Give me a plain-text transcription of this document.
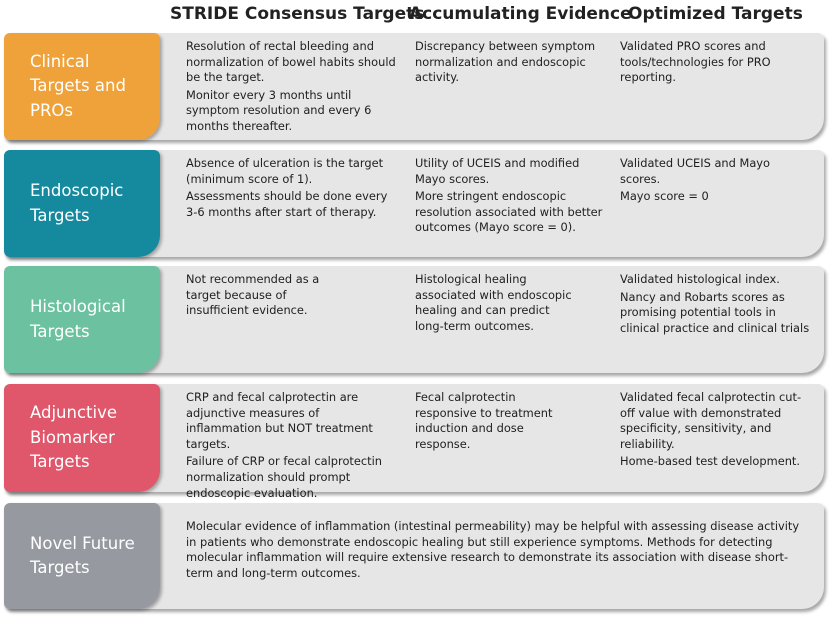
STRIDE Consensus Targets
Accumulating Evidence
Optimized Targets
Clinical
Targets and
PROs

Resolution of rectal bleeding and normalization of bowel habits should be the target.

Monitor every 3 months until symptom resolution and every 6 months thereafter.

Discrepancy between symptom normalization and endoscopic activity.

Validated PRO scores and tools/technologies for PRO reporting.

Endoscopic
Targets

Absence of ulceration is the target (minimum score of 1).

Assessments should be done every 3-6 months after start of therapy.

Utility of UCEIS and modified Mayo scores.

More stringent endoscopic resolution associated with better outcomes (Mayo score = 0).

Validated UCEIS and Mayo scores.

Mayo score = 0

Histological
Targets

Not recommended as a target because of insufficient evidence.

Histological healing associated with endoscopic healing and can predict long-term outcomes.

Validated histological index.

Nancy and Robarts scores as promising potential tools in clinical practice and clinical trials

Adjunctive
Biomarker
Targets

CRP and fecal calprotectin are adjunctive measures of inflammation but NOT treatment targets.

Failure of CRP or fecal calprotectin normalization should prompt endoscopic evaluation.

Fecal calprotectin responsive to treatment induction and dose response.

Validated fecal calprotectin cut-off value with demonstrated specificity, sensitivity, and reliability.

Home-based test development.

Novel Future
Targets

Molecular evidence of inflammation (intestinal permeability) may be helpful with assessing disease activity in patients who demonstrate endoscopic healing but still experience symptoms. Methods for detecting molecular inflammation will require extensive research to demonstrate its association with disease short-term and long-term outcomes.
